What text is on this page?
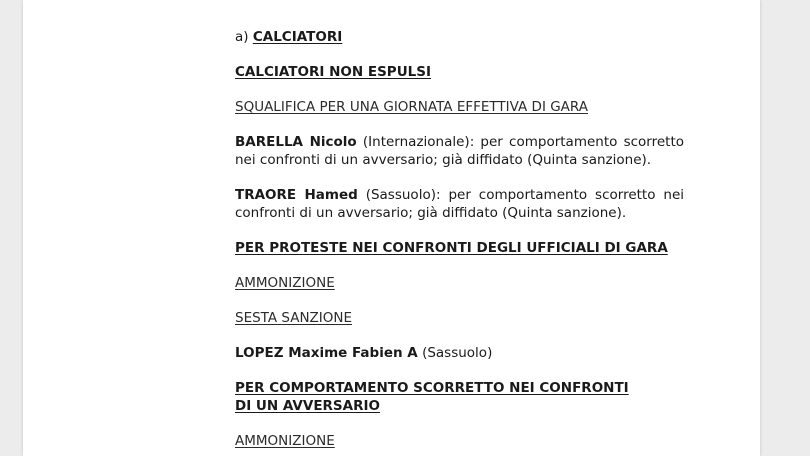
a) CALCIATORI

CALCIATORI NON ESPULSI

SQUALIFICA PER UNA GIORNATA EFFETTIVA DI GARA

BARELLA Nicolo (Internazionale): per comportamento scorretto nei confronti di un avversario; già diffidato (Quinta sanzione).

TRAORE Hamed (Sassuolo): per comportamento scorretto nei confronti di un avversario; già diffidato (Quinta sanzione).

PER PROTESTE NEI CONFRONTI DEGLI UFFICIALI DI GARA

AMMONIZIONE

SESTA SANZIONE

LOPEZ Maxime Fabien A (Sassuolo)

PER COMPORTAMENTO SCORRETTO NEI CONFRONTI DI UN AVVERSARIO

AMMONIZIONE
